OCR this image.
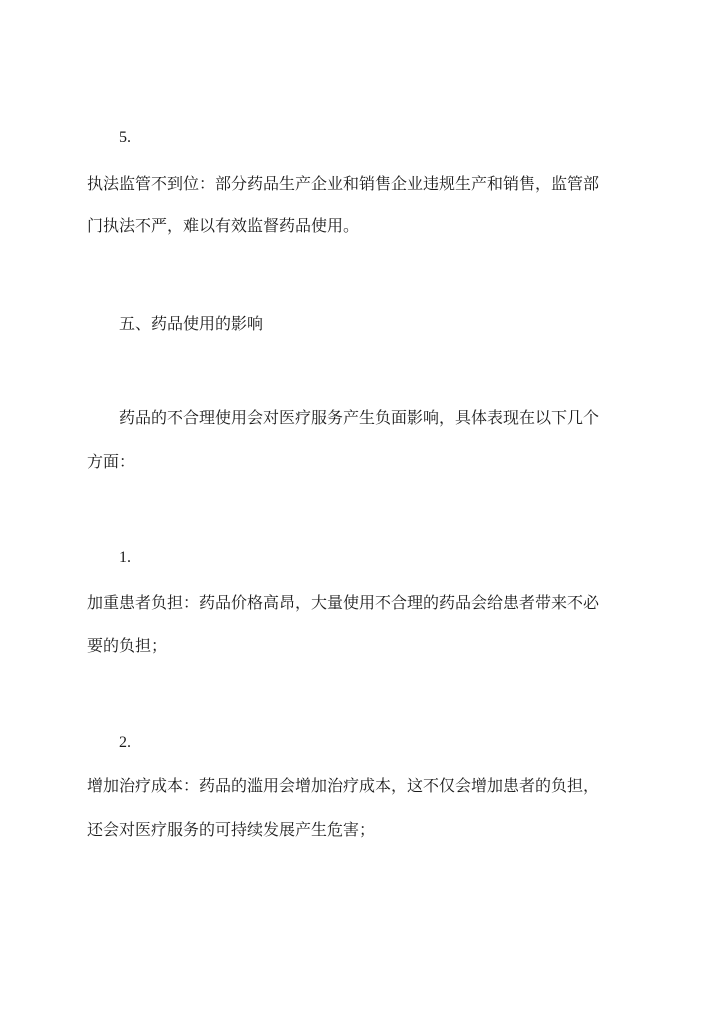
5.
执法监管不到位：部分药品生产企业和销售企业违规生产和销售，监管部
门执法不严，难以有效监督药品使用。
五、药品使用的影响
药品的不合理使用会对医疗服务产生负面影响，具体表现在以下几个
方面：
1.
加重患者负担：药品价格高昂，大量使用不合理的药品会给患者带来不必
要的负担；
2.
增加治疗成本：药品的滥用会增加治疗成本，这不仅会增加患者的负担，
还会对医疗服务的可持续发展产生危害；
